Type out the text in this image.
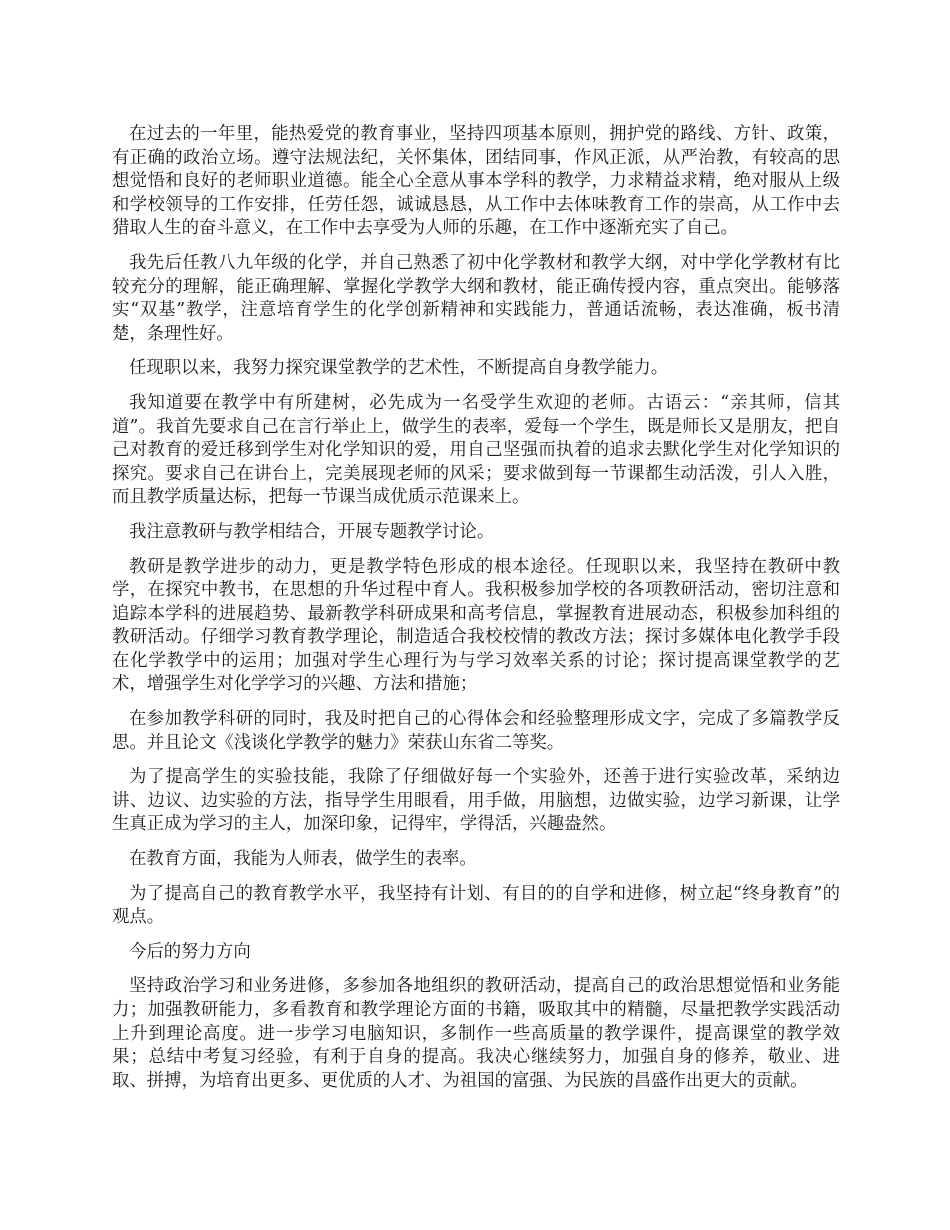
在过去的一年里，能热爱党的教育事业，坚持四项基本原则，拥护党的路线、方针、政策，有正确的政治立场。遵守法规法纪，关怀集体，团结同事，作风正派，从严治教，有较高的思想觉悟和良好的老师职业道德。能全心全意从事本学科的教学，力求精益求精，绝对服从上级和学校领导的工作安排，任劳任怨，诚诚恳恳，从工作中去体味教育工作的崇高，从工作中去猎取人生的奋斗意义，在工作中去享受为人师的乐趣，在工作中逐渐充实了自己。

我先后任教八九年级的化学，并自己熟悉了初中化学教材和教学大纲，对中学化学教材有比较充分的理解，能正确理解、掌握化学教学大纲和教材，能正确传授内容，重点突出。能够落实“双基”教学，注意培育学生的化学创新精神和实践能力，普通话流畅，表达准确，板书清楚，条理性好。

任现职以来，我努力探究课堂教学的艺术性，不断提高自身教学能力。

我知道要在教学中有所建树，必先成为一名受学生欢迎的老师。古语云：“亲其师，信其道”。我首先要求自己在言行举止上，做学生的表率，爱每一个学生，既是师长又是朋友，把自己对教育的爱迁移到学生对化学知识的爱，用自己坚强而执着的追求去默化学生对化学知识的探究。要求自己在讲台上，完美展现老师的风采；要求做到每一节课都生动活泼，引人入胜，而且教学质量达标，把每一节课当成优质示范课来上。

我注意教研与教学相结合，开展专题教学讨论。

教研是教学进步的动力，更是教学特色形成的根本途径。任现职以来，我坚持在教研中教学，在探究中教书，在思想的升华过程中育人。我积极参加学校的各项教研活动，密切注意和追踪本学科的进展趋势、最新教学科研成果和高考信息，掌握教育进展动态，积极参加科组的教研活动。仔细学习教育教学理论，制造适合我校校情的教改方法；探讨多媒体电化教学手段在化学教学中的运用；加强对学生心理行为与学习效率关系的讨论；探讨提高课堂教学的艺术，增强学生对化学学习的兴趣、方法和措施；

在参加教学科研的同时，我及时把自己的心得体会和经验整理形成文字，完成了多篇教学反思。并且论文《浅谈化学教学的魅力》荣获山东省二等奖。

为了提高学生的实验技能，我除了仔细做好每一个实验外，还善于进行实验改革，采纳边讲、边议、边实验的方法，指导学生用眼看，用手做，用脑想，边做实验，边学习新课，让学生真正成为学习的主人，加深印象，记得牢，学得活，兴趣盎然。

在教育方面，我能为人师表，做学生的表率。

为了提高自己的教育教学水平，我坚持有计划、有目的的自学和进修，树立起“终身教育”的观点。

今后的努力方向

坚持政治学习和业务进修，多参加各地组织的教研活动，提高自己的政治思想觉悟和业务能力；加强教研能力，多看教育和教学理论方面的书籍，吸取其中的精髓，尽量把教学实践活动上升到理论高度。进一步学习电脑知识，多制作一些高质量的教学课件，提高课堂的教学效果；总结中考复习经验，有利于自身的提高。我决心继续努力，加强自身的修养，敬业、进取、拼搏，为培育出更多、更优质的人才、为祖国的富强、为民族的昌盛作出更大的贡献。
